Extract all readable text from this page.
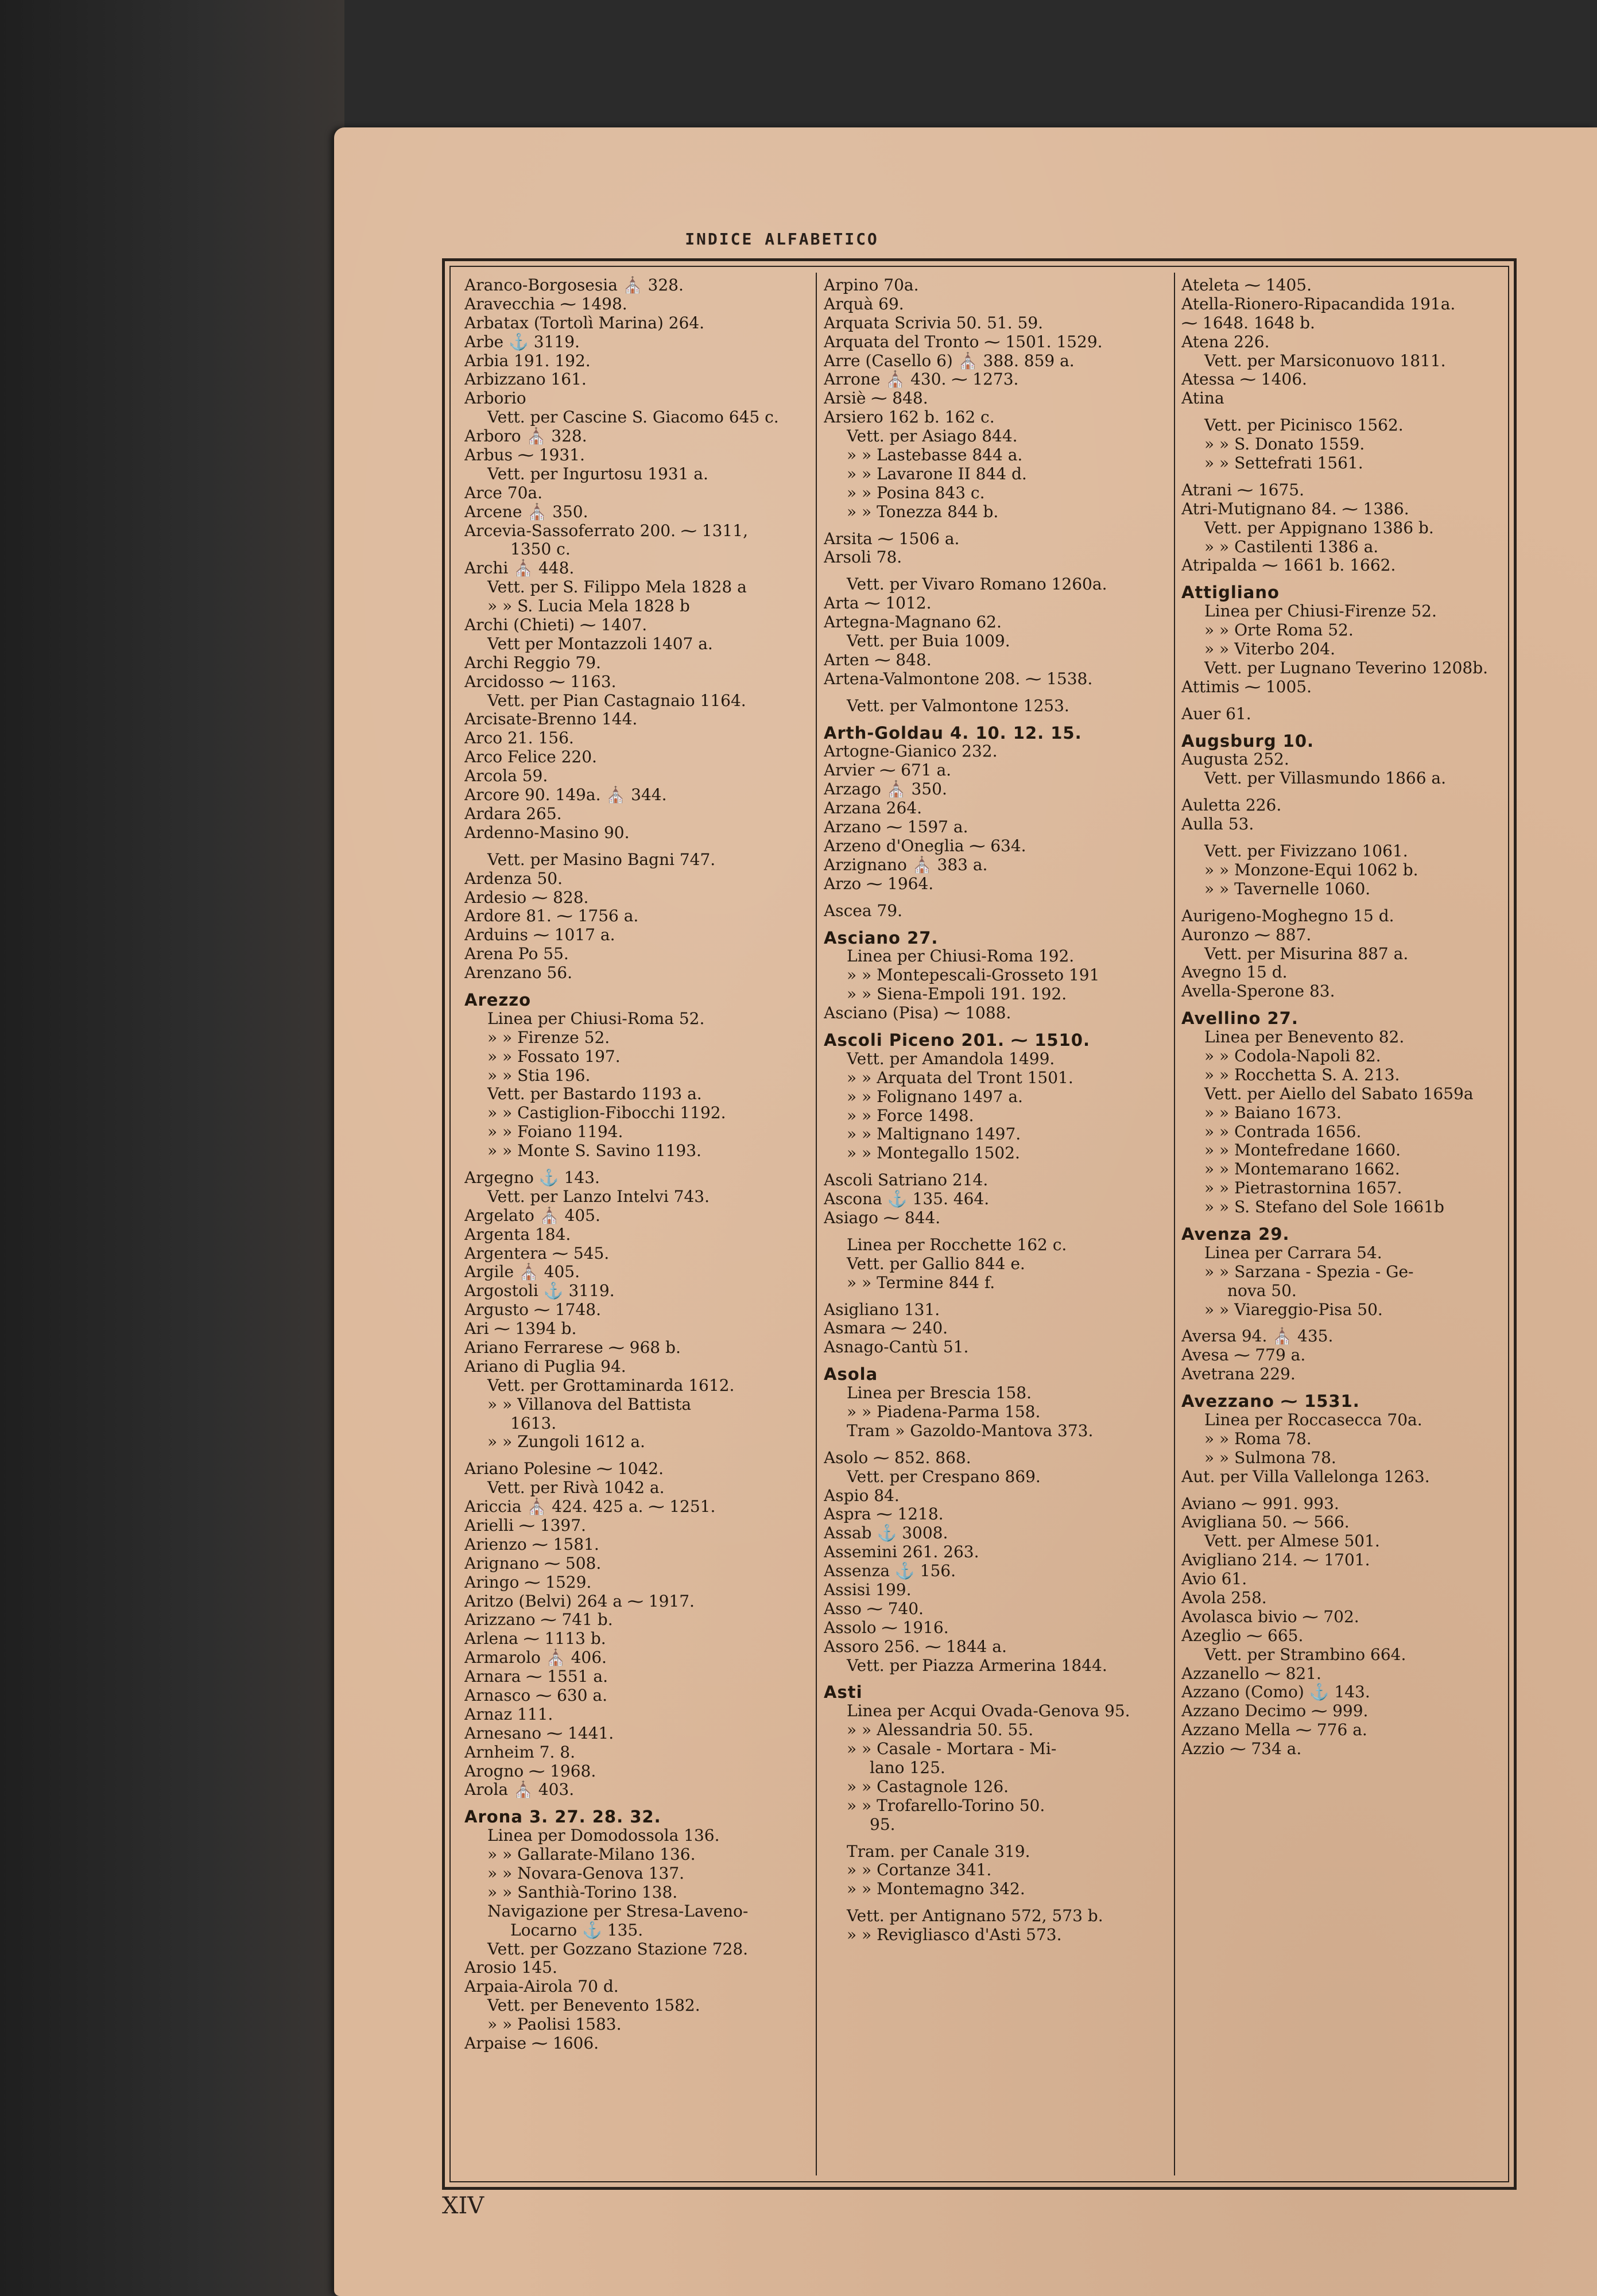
INDICE ALFABETICO
Aranco-Borgosesia ⛪ 328.
Aravecchia ⁓ 1498.
Arbatax (Tortolì Marina) 264.
Arbe ⚓ 3119.
Arbia 191. 192.
Arbizzano 161.
Arborio
Vett. per Cascine S. Giacomo 645 c.
Arboro ⛪ 328.
Arbus ⁓ 1931.
Vett. per Ingurtosu 1931 a.
Arce 70a.
Arcene ⛪ 350.
Arcevia-Sassoferrato 200. ⁓ 1311,
1350 c.
Archi ⛪ 448.
Vett. per S. Filippo Mela 1828 a
» » S. Lucia Mela 1828 b
Archi (Chieti) ⁓ 1407.
Vett per Montazzoli 1407 a.
Archi Reggio 79.
Arcidosso ⁓ 1163.
Vett. per Pian Castagnaio 1164.
Arcisate-Brenno 144.
Arco 21. 156.
Arco Felice 220.
Arcola 59.
Arcore 90. 149a. ⛪ 344.
Ardara 265.
Ardenno-Masino 90.
Vett. per Masino Bagni 747.
Ardenza 50.
Ardesio ⁓ 828.
Ardore 81. ⁓ 1756 a.
Arduins ⁓ 1017 a.
Arena Po 55.
Arenzano 56.
Arezzo
Linea per Chiusi-Roma 52.
» » Firenze 52.
» » Fossato 197.
» » Stia 196.
Vett. per Bastardo 1193 a.
» » Castiglion-Fibocchi 1192.
» » Foiano 1194.
» » Monte S. Savino 1193.
Argegno ⚓ 143.
Vett. per Lanzo Intelvi 743.
Argelato ⛪ 405.
Argenta 184.
Argentera ⁓ 545.
Argile ⛪ 405.
Argostoli ⚓ 3119.
Argusto ⁓ 1748.
Ari ⁓ 1394 b.
Ariano Ferrarese ⁓ 968 b.
Ariano di Puglia 94.
Vett. per Grottaminarda 1612.
» » Villanova del Battista
1613.
» » Zungoli 1612 a.
Ariano Polesine ⁓ 1042.
Vett. per Rivà 1042 a.
Ariccia ⛪ 424. 425 a. ⁓ 1251.
Arielli ⁓ 1397.
Arienzo ⁓ 1581.
Arignano ⁓ 508.
Aringo ⁓ 1529.
Aritzo (Belvi) 264 a ⁓ 1917.
Arizzano ⁓ 741 b.
Arlena ⁓ 1113 b.
Armarolo ⛪ 406.
Arnara ⁓ 1551 a.
Arnasco ⁓ 630 a.
Arnaz 111.
Arnesano ⁓ 1441.
Arnheim 7. 8.
Arogno ⁓ 1968.
Arola ⛪ 403.
Arona 3. 27. 28. 32.
Linea per Domodossola 136.
» » Gallarate-Milano 136.
» » Novara-Genova 137.
» » Santhià-Torino 138.
Navigazione per Stresa-Laveno-
Locarno ⚓ 135.
Vett. per Gozzano Stazione 728.
Arosio 145.
Arpaia-Airola 70 d.
Vett. per Benevento 1582.
» » Paolisi 1583.
Arpaise ⁓ 1606.
Arpino 70a.
Arquà 69.
Arquata Scrivia 50. 51. 59.
Arquata del Tronto ⁓ 1501. 1529.
Arre (Casello 6) ⛪ 388. 859 a.
Arrone ⛪ 430. ⁓ 1273.
Arsiè ⁓ 848.
Arsiero 162 b. 162 c.
Vett. per Asiago 844.
» » Lastebasse 844 a.
» » Lavarone II 844 d.
» » Posina 843 c.
» » Tonezza 844 b.
Arsita ⁓ 1506 a.
Arsoli 78.
Vett. per Vivaro Romano 1260a.
Arta ⁓ 1012.
Artegna-Magnano 62.
Vett. per Buia 1009.
Arten ⁓ 848.
Artena-Valmontone 208. ⁓ 1538.
Vett. per Valmontone 1253.
Arth-Goldau 4. 10. 12. 15.
Artogne-Gianico 232.
Arvier ⁓ 671 a.
Arzago ⛪ 350.
Arzana 264.
Arzano ⁓ 1597 a.
Arzeno d'Oneglia ⁓ 634.
Arzignano ⛪ 383 a.
Arzo ⁓ 1964.
Ascea 79.
Asciano 27.
Linea per Chiusi-Roma 192.
» » Montepescali-Grosseto 191
» » Siena-Empoli 191. 192.
Asciano (Pisa) ⁓ 1088.
Ascoli Piceno 201. ⁓ 1510.
Vett. per Amandola 1499.
» » Arquata del Tront 1501.
» » Folignano 1497 a.
» » Force 1498.
» » Maltignano 1497.
» » Montegallo 1502.
Ascoli Satriano 214.
Ascona ⚓ 135. 464.
Asiago ⁓ 844.
Linea per Rocchette 162 c.
Vett. per Gallio 844 e.
» » Termine 844 f.
Asigliano 131.
Asmara ⁓ 240.
Asnago-Cantù 51.
Asola
Linea per Brescia 158.
» » Piadena-Parma 158.
Tram » Gazoldo-Mantova 373.
Asolo ⁓ 852. 868.
Vett. per Crespano 869.
Aspio 84.
Aspra ⁓ 1218.
Assab ⚓ 3008.
Assemini 261. 263.
Assenza ⚓ 156.
Assisi 199.
Asso ⁓ 740.
Assolo ⁓ 1916.
Assoro 256. ⁓ 1844 a.
Vett. per Piazza Armerina 1844.
Asti
Linea per Acqui Ovada-Genova 95.
» » Alessandria 50. 55.
» » Casale - Mortara - Mi-
lano 125.
» » Castagnole 126.
» » Trofarello-Torino 50.
95.
Tram. per Canale 319.
» » Cortanze 341.
» » Montemagno 342.
Vett. per Antignano 572, 573 b.
» » Revigliasco d'Asti 573.
Ateleta ⁓ 1405.
Atella-Rionero-Ripacandida 191a.
⁓ 1648. 1648 b.
Atena 226.
Vett. per Marsiconuovo 1811.
Atessa ⁓ 1406.
Atina
Vett. per Picinisco 1562.
» » S. Donato 1559.
» » Settefrati 1561.
Atrani ⁓ 1675.
Atri-Mutignano 84. ⁓ 1386.
Vett. per Appignano 1386 b.
» » Castilenti 1386 a.
Atripalda ⁓ 1661 b. 1662.
Attigliano
Linea per Chiusi-Firenze 52.
» » Orte Roma 52.
» » Viterbo 204.
Vett. per Lugnano Teverino 1208b.
Attimis ⁓ 1005.
Auer 61.
Augsburg 10.
Augusta 252.
Vett. per Villasmundo 1866 a.
Auletta 226.
Aulla 53.
Vett. per Fivizzano 1061.
» » Monzone-Equi 1062 b.
» » Tavernelle 1060.
Aurigeno-Moghegno 15 d.
Auronzo ⁓ 887.
Vett. per Misurina 887 a.
Avegno 15 d.
Avella-Sperone 83.
Avellino 27.
Linea per Benevento 82.
» » Codola-Napoli 82.
» » Rocchetta S. A. 213.
Vett. per Aiello del Sabato 1659a
» » Baiano 1673.
» » Contrada 1656.
» » Montefredane 1660.
» » Montemarano 1662.
» » Pietrastornina 1657.
» » S. Stefano del Sole 1661b
Avenza 29.
Linea per Carrara 54.
» » Sarzana - Spezia - Ge-
nova 50.
» » Viareggio-Pisa 50.
Aversa 94. ⛪ 435.
Avesa ⁓ 779 a.
Avetrana 229.
Avezzano ⁓ 1531.
Linea per Roccasecca 70a.
» » Roma 78.
» » Sulmona 78.
Aut. per Villa Vallelonga 1263.
Aviano ⁓ 991. 993.
Avigliana 50. ⁓ 566.
Vett. per Almese 501.
Avigliano 214. ⁓ 1701.
Avio 61.
Avola 258.
Avolasca bivio ⁓ 702.
Azeglio ⁓ 665.
Vett. per Strambino 664.
Azzanello ⁓ 821.
Azzano (Como) ⚓ 143.
Azzano Decimo ⁓ 999.
Azzano Mella ⁓ 776 a.
Azzio ⁓ 734 a.
XIV
